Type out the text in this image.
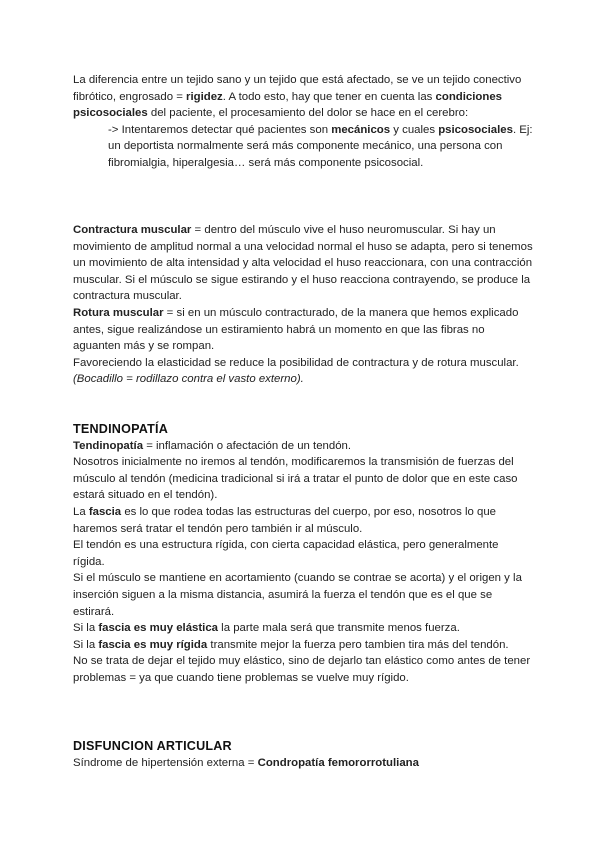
La diferencia entre un tejido sano y un tejido que está afectado, se ve un tejido conectivo fibrótico, engrosado = rigidez. A todo esto, hay que tener en cuenta las condiciones psicosociales del paciente, el procesamiento del dolor se hace en el cerebro:

-> Intentaremos detectar qué pacientes son mecánicos y cuales psicosociales. Ej: un deportista normalmente será más componente mecánico, una persona con fibromialgia, hiperalgesia… será más componente psicosocial.

Contractura muscular = dentro del músculo vive el huso neuromuscular. Si hay un movimiento de amplitud normal a una velocidad normal el huso se adapta, pero si tenemos un movimiento de alta intensidad y alta velocidad el huso reaccionara, con una contracción muscular. Si el músculo se sigue estirando y el huso reacciona contrayendo, se produce la contractura muscular.

Rotura muscular = si en un músculo contracturado, de la manera que hemos explicado antes, sigue realizándose un estiramiento habrá un momento en que las fibras no aguanten más y se rompan.

Favoreciendo la elasticidad se reduce la posibilidad de contractura y de rotura muscular.

(Bocadillo = rodillazo contra el vasto externo).

TENDINOPATÍA

Tendinopatía = inflamación o afectación de un tendón.

Nosotros inicialmente no iremos al tendón, modificaremos la transmisión de fuerzas del músculo al tendón (medicina tradicional si irá a tratar el punto de dolor que en este caso estará situado en el tendón).

La fascia es lo que rodea todas las estructuras del cuerpo, por eso, nosotros lo que haremos será tratar el tendón pero también ir al músculo.

El tendón es una estructura rígida, con cierta capacidad elástica, pero generalmente rígida.

Si el músculo se mantiene en acortamiento (cuando se contrae se acorta) y el origen y la inserción siguen a la misma distancia, asumirá la fuerza el tendón que es el que se estirará.

Si la fascia es muy elástica la parte mala será que transmite menos fuerza.

Si la fascia es muy rígida transmite mejor la fuerza pero tambien tira más del tendón.

No se trata de dejar el tejido muy elástico, sino de dejarlo tan elástico como antes de tener problemas = ya que cuando tiene problemas se vuelve muy rígido.

DISFUNCION ARTICULAR

Síndrome de hipertensión externa = Condropatía femororrotuliana
